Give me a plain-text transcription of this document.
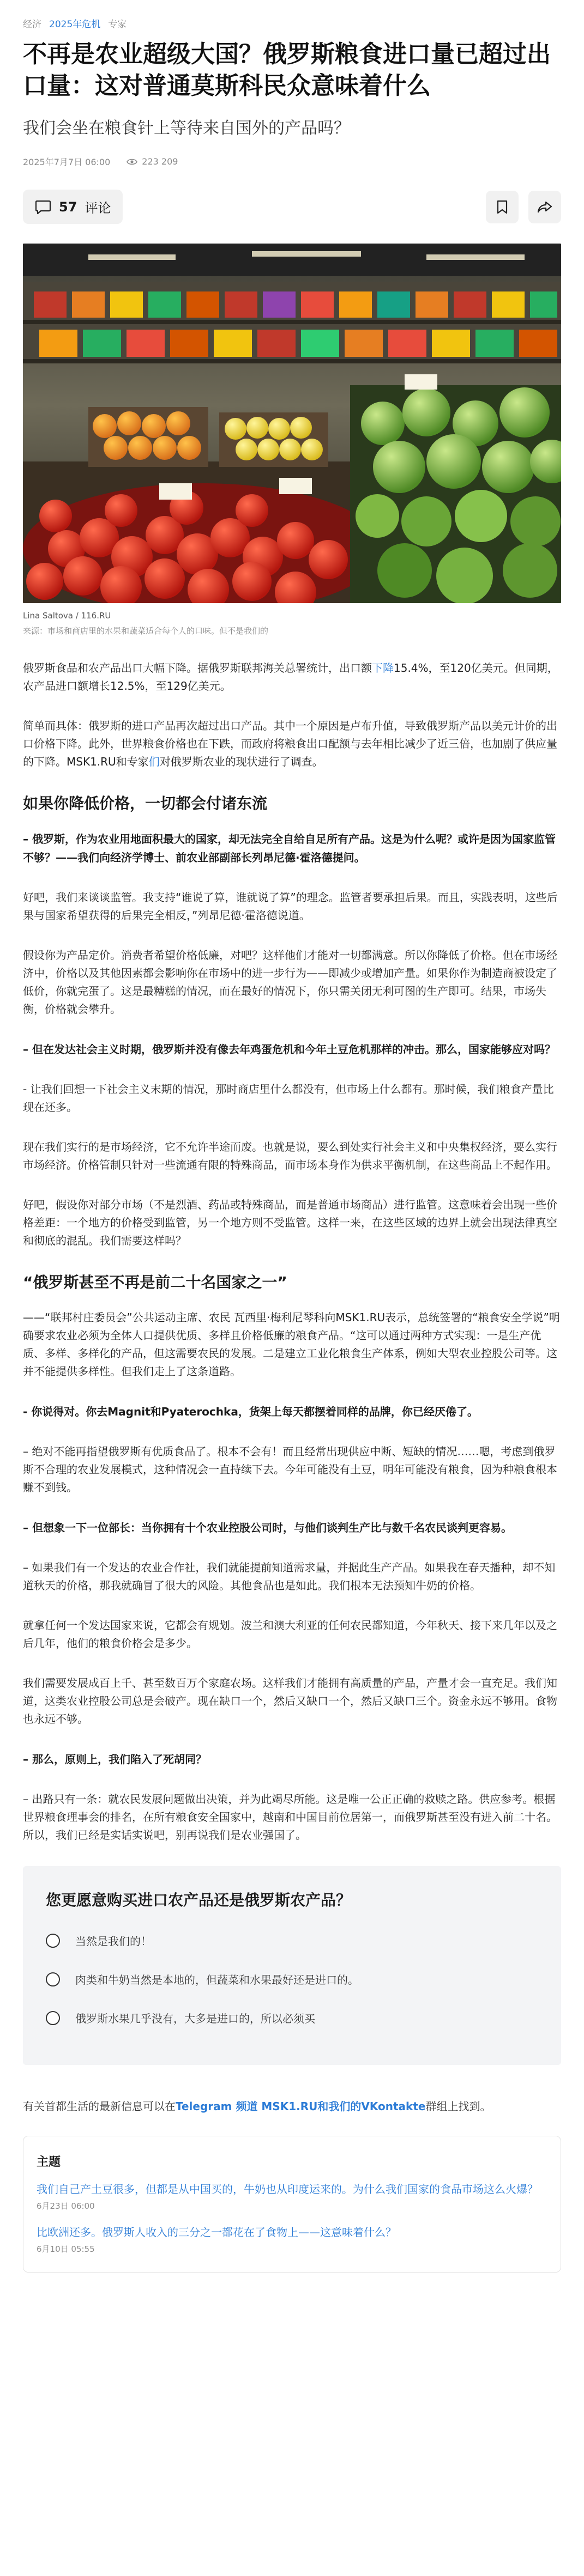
经济 2025年危机 专家
不再是农业超级大国？俄罗斯粮食进口量已超过出口量：这对普通莫斯科民众意味着什么
我们会坐在粮食针上等待来自国外的产品吗？
2025年7月7日 06:00	223 209
57 评论
Lina Saltova / 116.RU
来源：市场和商店里的水果和蔬菜适合每个人的口味。但不是我们的

俄罗斯食品和农产品出口大幅下降。据俄罗斯联邦海关总署统计，出口额下降15.4%，至120亿美元。但同期，农产品进口额增长12.5%，至129亿美元。

简单而具体：俄罗斯的进口产品再次超过出口产品。其中一个原因是卢布升值，导致俄罗斯产品以美元计价的出口价格下降。此外，世界粮食价格也在下跌，而政府将粮食出口配额与去年相比减少了近三倍，也加剧了供应量的下降。MSK1.RU和专家们对俄罗斯农业的现状进行了调查。

如果你降低价格，一切都会付诸东流

– 俄罗斯，作为农业用地面积最大的国家，却无法完全自给自足所有产品。这是为什么呢？或许是因为国家监管不够？——我们向经济学博士、前农业部副部长列昂尼德·霍洛德提问。

好吧，我们来谈谈监管。我支持“谁说了算，谁就说了算”的理念。监管者要承担后果。而且，实践表明，这些后果与国家希望获得的后果完全相反，”列昂尼德·霍洛德说道。

假设你为产品定价。消费者希望价格低廉，对吧？这样他们才能对一切都满意。所以你降低了价格。但在市场经济中，价格以及其他因素都会影响你在市场中的进一步行为——即减少或增加产量。如果你作为制造商被设定了低价，你就完蛋了。这是最糟糕的情况，而在最好的情况下，你只需关闭无利可图的生产即可。结果，市场失衡，价格就会攀升。

– 但在发达社会主义时期，俄罗斯并没有像去年鸡蛋危机和今年土豆危机那样的冲击。那么，国家能够应对吗？

- 让我们回想一下社会主义末期的情况，那时商店里什么都没有，但市场上什么都有。那时候，我们粮食产量比现在还多。

现在我们实行的是市场经济，它不允许半途而废。也就是说，要么到处实行社会主义和中央集权经济，要么实行市场经济。价格管制只针对一些流通有限的特殊商品，而市场本身作为供求平衡机制，在这些商品上不起作用。

好吧，假设你对部分市场（不是烈酒、药品或特殊商品，而是普通市场商品）进行监管。这意味着会出现一些价格差距：一个地方的价格受到监管，另一个地方则不受监管。这样一来，在这些区域的边界上就会出现法律真空和彻底的混乱。我们需要这样吗？

“俄罗斯甚至不再是前二十名国家之一”

——“联邦村庄委员会”公共运动主席、农民 瓦西里·梅利尼琴科向MSK1.RU表示，总统签署的“粮食安全学说”明确要求农业必须为全体人口提供优质、多样且价格低廉的粮食产品。“这可以通过两种方式实现：一是生产优质、多样、多样化的产品，但这需要农民的发展。二是建立工业化粮食生产体系，例如大型农业控股公司等。这并不能提供多样性。但我们走上了这条道路。

- 你说得对。你去Magnit和Pyaterochka，货架上每天都摆着同样的品牌，你已经厌倦了。

– 绝对不能再指望俄罗斯有优质食品了。根本不会有！而且经常出现供应中断、短缺的情况……嗯，考虑到俄罗斯不合理的农业发展模式，这种情况会一直持续下去。今年可能没有土豆，明年可能没有粮食，因为种粮食根本赚不到钱。

– 但想象一下一位部长：当你拥有十个农业控股公司时，与他们谈判生产比与数千名农民谈判更容易。

– 如果我们有一个发达的农业合作社，我们就能提前知道需求量，并据此生产产品。如果我在春天播种，却不知道秋天的价格，那我就确冒了很大的风险。其他食品也是如此。我们根本无法预知牛奶的价格。

就拿任何一个发达国家来说，它都会有规划。波兰和澳大利亚的任何农民都知道，今年秋天、接下来几年以及之后几年，他们的粮食价格会是多少。

我们需要发展成百上千、甚至数百万个家庭农场。这样我们才能拥有高质量的产品，产量才会一直充足。我们知道，这类农业控股公司总是会破产。现在缺口一个，然后又缺口一个，然后又缺口三个。资金永远不够用。食物也永远不够。

– 那么，原则上，我们陷入了死胡同？

– 出路只有一条：就农民发展问题做出决策，并为此竭尽所能。这是唯一公正正确的救赎之路。供应参考。根据世界粮食理事会的排名，在所有粮食安全国家中，越南和中国目前位居第一，而俄罗斯甚至没有进入前二十名。所以，我们已经是实话实说吧，别再说我们是农业强国了。

您更愿意购买进口农产品还是俄罗斯农产品？
当然是我们的！
肉类和牛奶当然是本地的，但蔬菜和水果最好还是进口的。
俄罗斯水果几乎没有，大多是进口的，所以必须买

有关首都生活的最新信息可以在Telegram 频道 MSK1.RU和我们的VKontakte群组上找到。

主题
我们自己产土豆很多，但都是从中国买的，牛奶也从印度运来的。为什么我们国家的食品市场这么火爆？
6月23日 06:00
比欧洲还多。俄罗斯人收入的三分之一都花在了食物上——这意味着什么？
6月10日 05:55
